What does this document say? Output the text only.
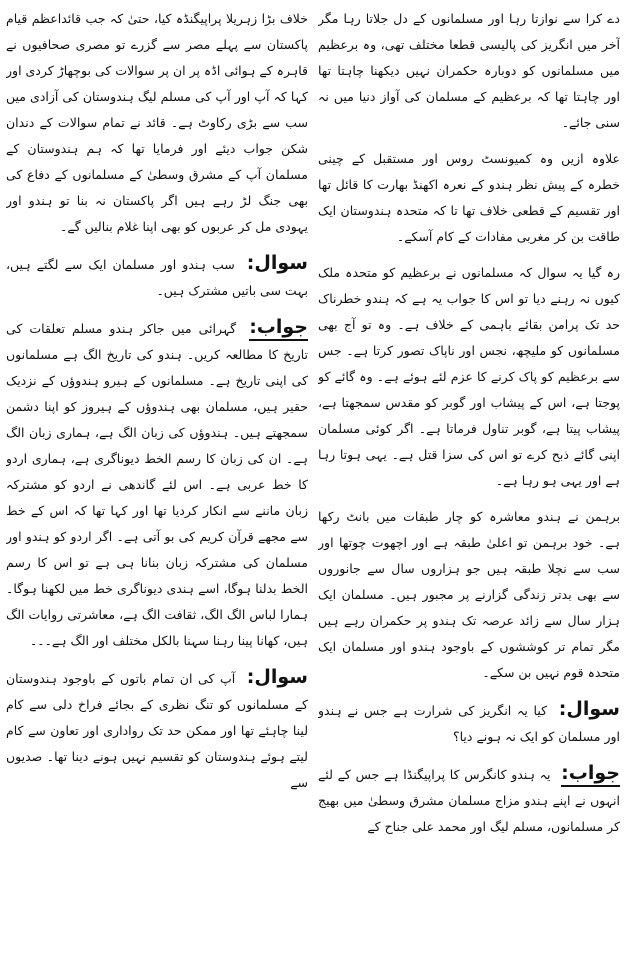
دے کرا سے نوازتا رہا اور مسلمانوں کے دل جلاتا رہا مگر آخر میں انگریز کی پالیسی قطعا مختلف تھی، وہ برعظیم میں مسلمانوں کو دوبارہ حکمران نہیں دیکھنا چاہتا تھا اور چاہتا تھا کہ برعظیم کے مسلمان کی آواز دنیا میں نہ سنی جائے۔

علاوہ ازیں وہ کمیونسٹ روس اور مستقبل کے چینی خطرہ کے پیش نظر ہندو کے نعرہ اکھنڈ بھارت کا قائل تھا اور تقسیم کے قطعی خلاف تھا تا کہ متحدہ ہندوستان ایک طاقت بن کر مغربی مفادات کے کام آسکے۔

رہ گیا یہ سوال کہ مسلمانوں نے برعظیم کو متحدہ ملک کیوں نہ رہنے دیا تو اس کا جواب یہ ہے کہ ہندو خطرناک حد تک پرامن بقائے باہمی کے خلاف ہے۔ وہ تو آج بھی مسلمانوں کو ملیچھ، نجس اور ناپاک تصور کرتا ہے۔ جس سے برعظیم کو پاک کرنے کا عزم لئے ہوئے ہے۔ وہ گائے کو پوجتا ہے، اس کے پیشاب اور گوبر کو مقدس سمجھتا ہے، پیشاب پیتا ہے، گوبر تناول فرماتا ہے۔ اگر کوئی مسلمان اپنی گائے ذبح کرے تو اس کی سزا قتل ہے۔ یہی ہوتا رہا ہے اور یہی ہو رہا ہے۔

برہمن نے ہندو معاشرہ کو چار طبقات میں بانٹ رکھا ہے۔ خود برہمن تو اعلیٰ طبقہ ہے اور اچھوت چوتھا اور سب سے نچلا طبقہ ہیں جو ہزاروں سال سے جانوروں سے بھی بدتر زندگی گزارنے پر مجبور ہیں۔ مسلمان ایک ہزار سال سے زائد عرصہ تک ہندو پر حکمران رہے ہیں مگر تمام تر کوششوں کے باوجود ہندو اور مسلمان ایک متحدہ قوم نہیں بن سکے۔

سوال: کیا یہ انگریز کی شرارت ہے جس نے ہندو اور مسلمان کو ایک نہ ہونے دیا؟

جواب: یہ ہندو کانگرس کا پراپیگنڈا ہے جس کے لئے انہوں نے اپنے ہندو مزاج مسلمان مشرق وسطیٰ میں بھیج کر مسلمانوں، مسلم لیگ اور محمد علی جناح کے

خلاف بڑا زہریلا پراپیگنڈہ کیا، حتیٰ کہ جب قائداعظم قیام پاکستان سے پہلے مصر سے گزرے تو مصری صحافیوں نے قاہرہ کے ہوائی اڈہ پر ان پر سوالات کی بوچھاڑ کردی اور کہا کہ آپ اور آپ کی مسلم لیگ ہندوستان کی آزادی میں سب سے بڑی رکاوٹ ہے۔ قائد نے تمام سوالات کے دندان شکن جواب دیئے اور فرمایا تھا کہ ہم ہندوستان کے مسلمان آپ کے مشرق وسطیٰ کے مسلمانوں کے دفاع کی بھی جنگ لڑ رہے ہیں اگر پاکستان نہ بنا تو ہندو اور یہودی مل کر عربوں کو بھی اپنا غلام بنالیں گے۔

سوال: سب ہندو اور مسلمان ایک سے لگتے ہیں، بہت سی باتیں مشترک ہیں۔

جواب: گہرائی میں جاکر ہندو مسلم تعلقات کی تاریخ کا مطالعہ کریں۔ ہندو کی تاریخ الگ ہے مسلمانوں کی اپنی تاریخ ہے۔ مسلمانوں کے ہیرو ہندوؤں کے نزدیک حقیر ہیں، مسلمان بھی ہندوؤں کے ہیروز کو اپنا دشمن سمجھتے ہیں۔ ہندوؤں کی زبان الگ ہے، ہماری زبان الگ ہے۔ ان کی زبان کا رسم الخط دیوناگری ہے، ہماری اردو کا خط عربی ہے۔ اس لئے گاندھی نے اردو کو مشترکہ زبان ماننے سے انکار کردیا تھا اور کہا تھا کہ اس کے خط سے مجھے قرآن کریم کی بو آتی ہے۔ اگر اردو کو ہندو اور مسلمان کی مشترکہ زبان بنانا ہی ہے تو اس کا رسم الخط بدلنا ہوگا، اسے ہندی دیوناگری خط میں لکھنا ہوگا۔ ہمارا لباس الگ الگ، ثقافت الگ ہے، معاشرتی روایات الگ ہیں، کھانا پینا رہنا سہنا بالکل مختلف اور الگ ہے۔۔۔

سوال: آپ کی ان تمام باتوں کے باوجود ہندوستان کے مسلمانوں کو تنگ نظری کے بجائے فراخ دلی سے کام لینا چاہئے تھا اور ممکن حد تک رواداری اور تعاون سے کام لیتے ہوئے ہندوستان کو تقسیم نہیں ہونے دینا تھا۔ صدیوں سے
